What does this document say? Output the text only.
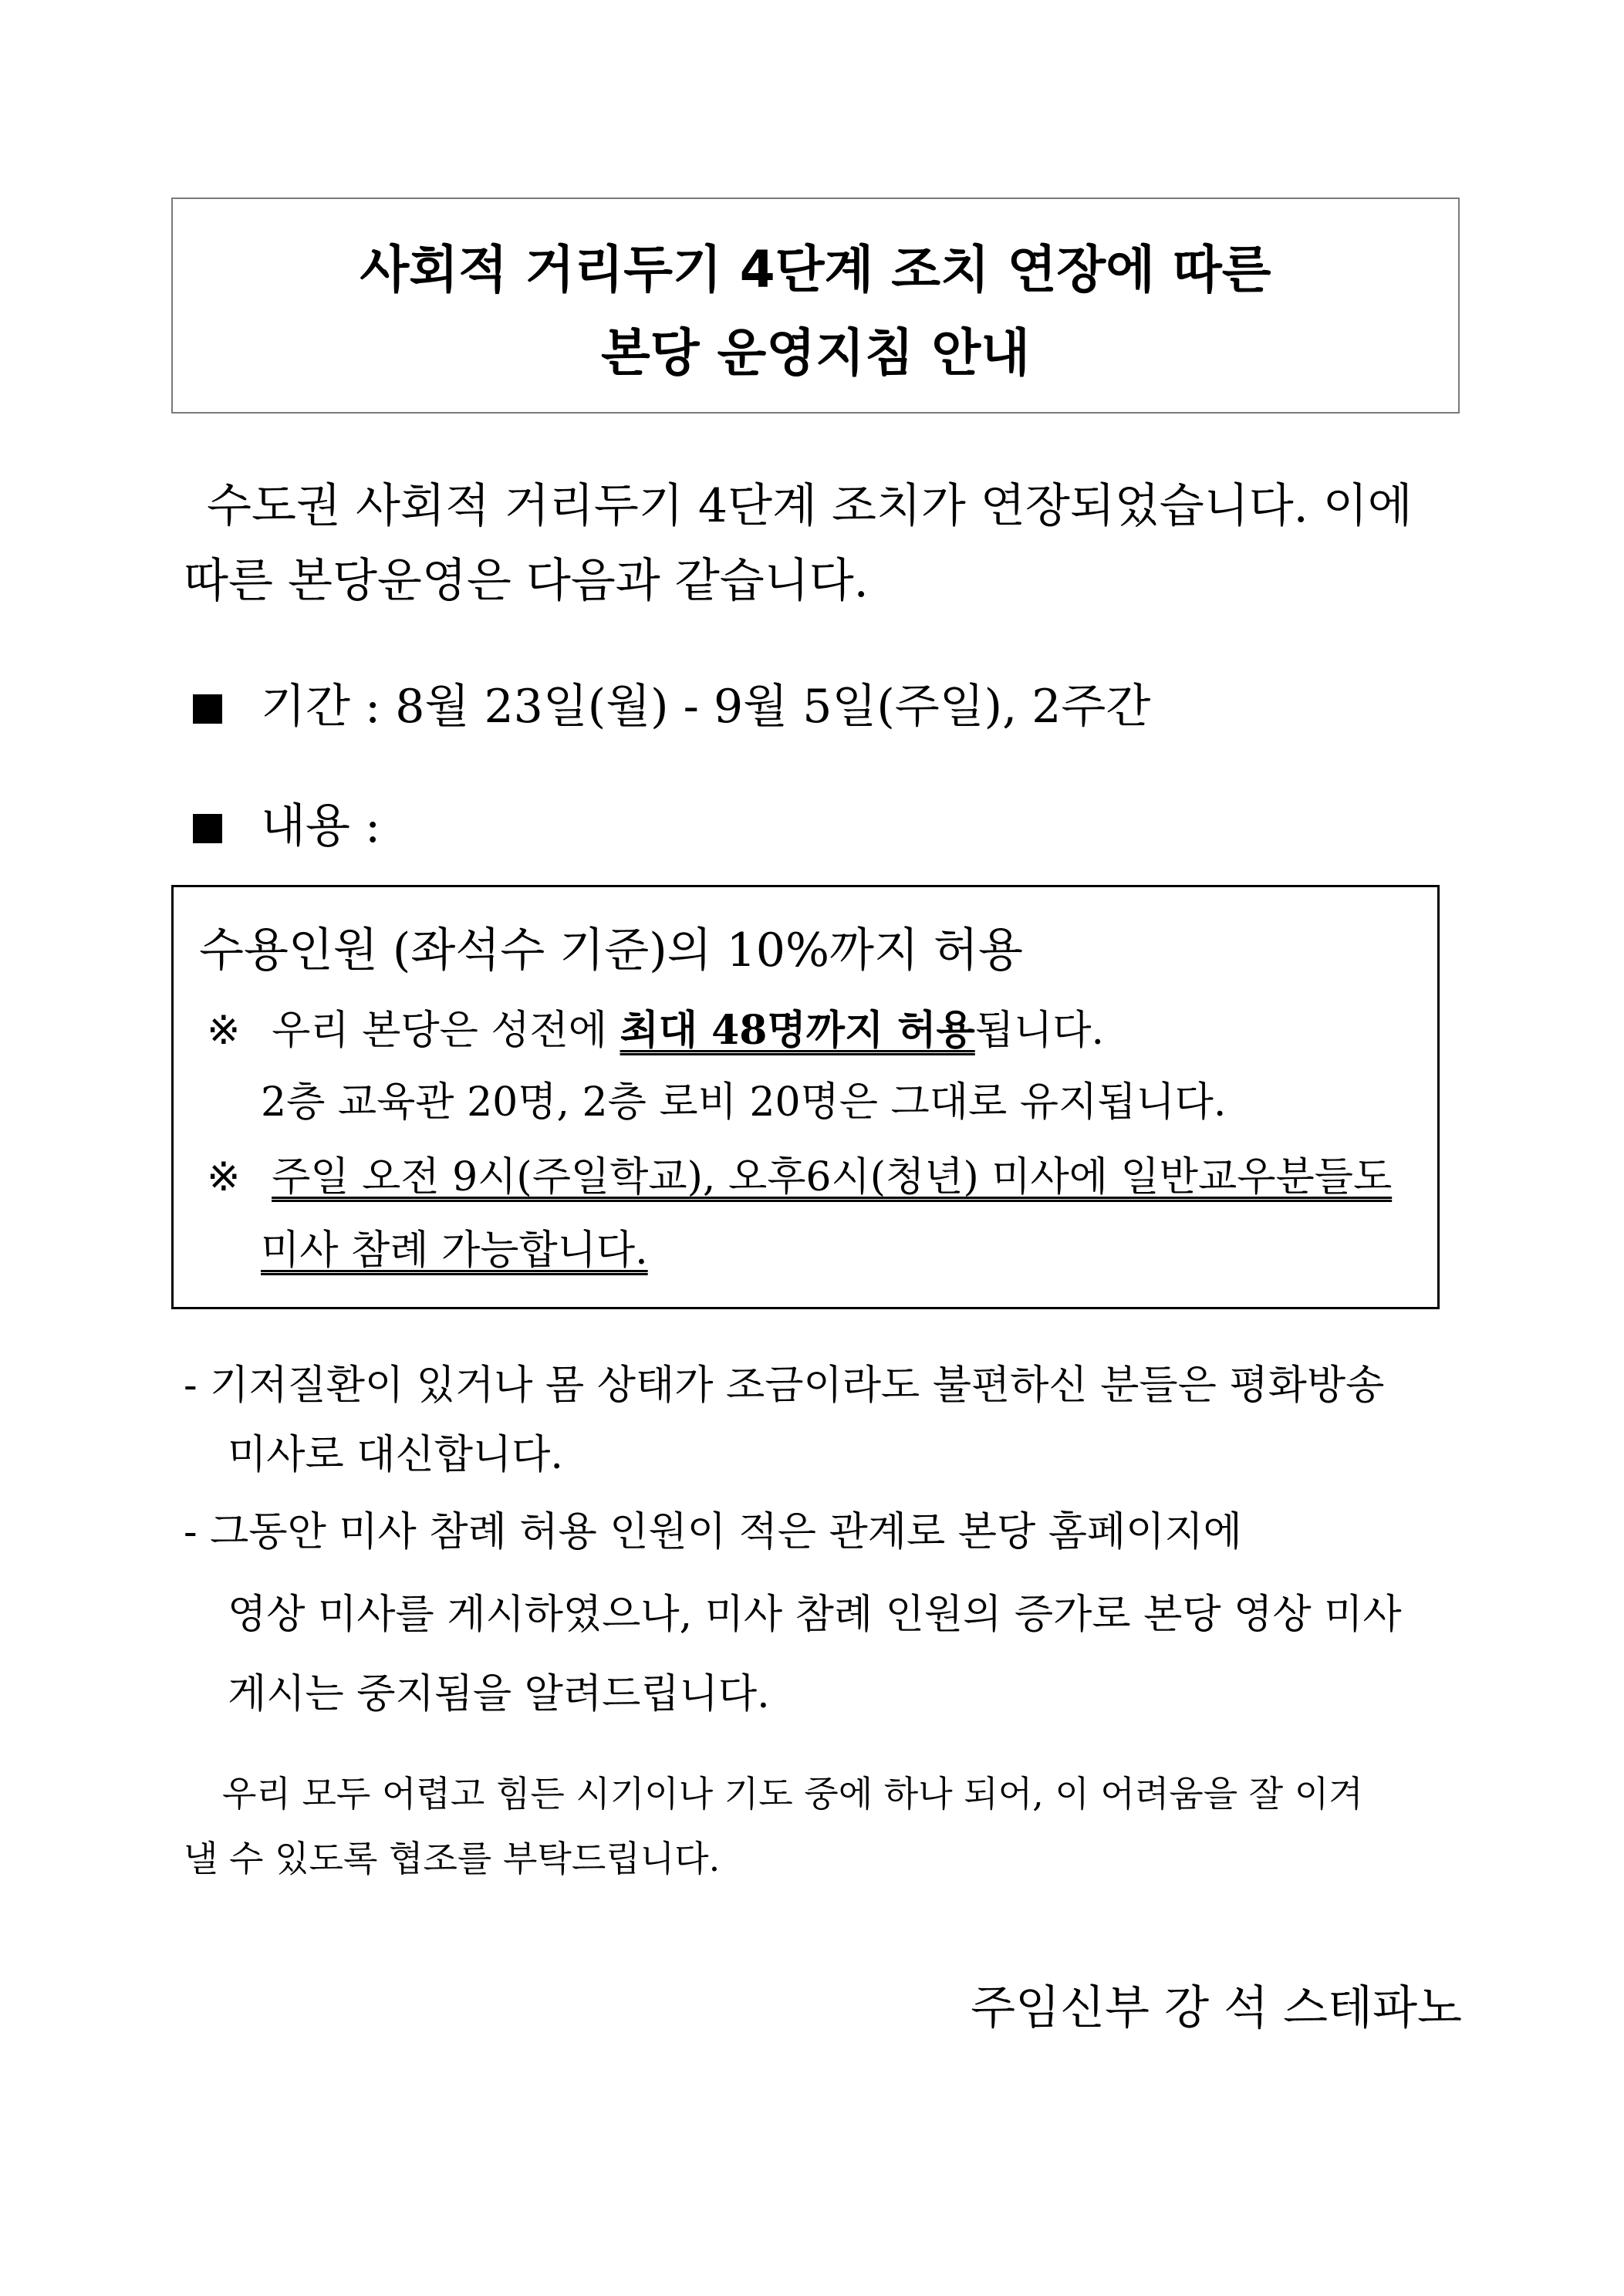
사회적 거리두기 4단계 조치 연장에 따른
본당 운영지침 안내
수도권 사회적 거리두기 4단계 조치가 연장되었습니다. 이에
따른 본당운영은 다음과 같습니다.
기간 : 8월 23일(월) - 9월 5일(주일), 2주간
내용 :
수용인원 (좌석수 기준)의 10%까지 허용
※ 우리 본당은 성전에 최대 48명까지 허용됩니다.
2층 교육관 20명, 2층 로비 20명은 그대로 유지됩니다.
※ 주일 오전 9시(주일학교), 오후6시(청년) 미사에 일반교우분들도
미사 참례 가능합니다.
- 기저질환이 있거나 몸 상태가 조금이라도 불편하신 분들은 평화방송
미사로 대신합니다.
- 그동안 미사 참례 허용 인원이 적은 관계로 본당 홈페이지에
영상 미사를 게시하였으나, 미사 참례 인원의 증가로 본당 영상 미사
게시는 중지됨을 알려드립니다.
우리 모두 어렵고 힘든 시기이나 기도 중에 하나 되어, 이 어려움을 잘 이겨
낼 수 있도록 협조를 부탁드립니다.
주임신부 강 석 스테파노
